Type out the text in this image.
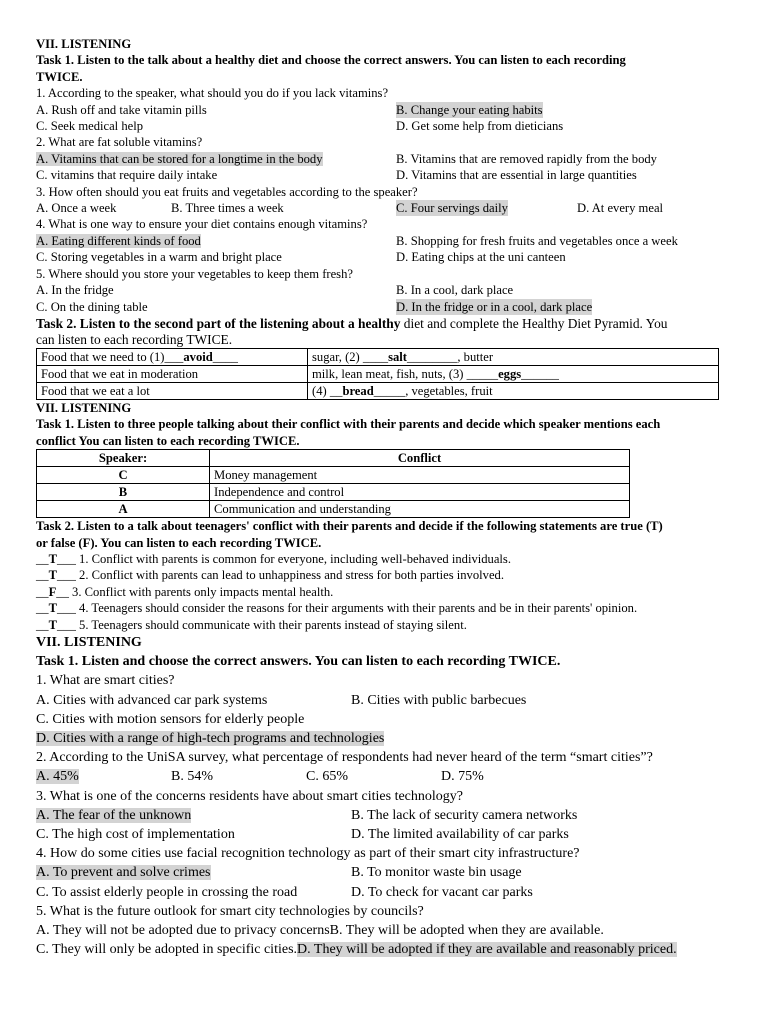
VII. LISTENING
Task 1. Listen to the talk about a healthy diet and choose the correct answers. You can listen to each recording
TWICE.
1. According to the speaker, what should you do if you lack vitamins?
A. Rush off and take vitamin pills	B. Change your eating habits
C. Seek medical help	D. Get some help from dieticians
2. What are fat soluble vitamins?
A. Vitamins that can be stored for a longtime in the body	B. Vitamins that are removed rapidly from the body
C. vitamins that require daily intake	D. Vitamins that are essential in large quantities
3. How often should you eat fruits and vegetables according to the speaker?
A. Once a week	B. Three times a week	C. Four servings daily	D. At every meal
4. What is one way to ensure your diet contains enough vitamins?
A. Eating different kinds of food	B. Shopping for fresh fruits and vegetables once a week
C. Storing vegetables in a warm and bright place	D. Eating chips at the uni canteen
5. Where should you store your vegetables to keep them fresh?
A. In the fridge	B. In a cool, dark place
C. On the dining table	D. In the fridge or in a cool, dark place
Task 2. Listen to the second part of the listening about a healthy diet and complete the Healthy Diet Pyramid. You
can listen to each recording TWICE.
Food that we need to (1)___avoid____	sugar, (2) ____salt________, butter
Food that we eat in moderation	milk, lean meat, fish, nuts, (3) _____eggs______
Food that we eat a lot	(4) __bread_____, vegetables, fruit
VII. LISTENING
Task 1. Listen to three people talking about their conflict with their parents and decide which speaker mentions each
conflict You can listen to each recording TWICE.
Speaker:	Conflict
C	Money management
B	Independence and control
A	Communication and understanding
Task 2. Listen to a talk about teenagers' conflict with their parents and decide if the following statements are true (T)
or false (F). You can listen to each recording TWICE.
__T___ 1. Conflict with parents is common for everyone, including well-behaved individuals.
__T___ 2. Conflict with parents can lead to unhappiness and stress for both parties involved.
__F__ 3. Conflict with parents only impacts mental health.
__T___ 4. Teenagers should consider the reasons for their arguments with their parents and be in their parents' opinion.
__T___ 5. Teenagers should communicate with their parents instead of staying silent.
VII. LISTENING
Task 1. Listen and choose the correct answers. You can listen to each recording TWICE.
1. What are smart cities?
A. Cities with advanced car park systems	B. Cities with public barbecues
C. Cities with motion sensors for elderly people
D. Cities with a range of high-tech programs and technologies
2. According to the UniSA survey, what percentage of respondents had never heard of the term “smart cities”?
A. 45%	B. 54%	C. 65%	D. 75%
3. What is one of the concerns residents have about smart cities technology?
A. The fear of the unknown	B. The lack of security camera networks
C. The high cost of implementation	D. The limited availability of car parks
4. How do some cities use facial recognition technology as part of their smart city infrastructure?
A. To prevent and solve crimes	B. To monitor waste bin usage
C. To assist elderly people in crossing the road	D. To check for vacant car parks
5. What is the future outlook for smart city technologies by councils?
A. They will not be adopted due to privacy concernsB. They will be adopted when they are available.
C. They will only be adopted in specific cities.D. They will be adopted if they are available and reasonably priced.
